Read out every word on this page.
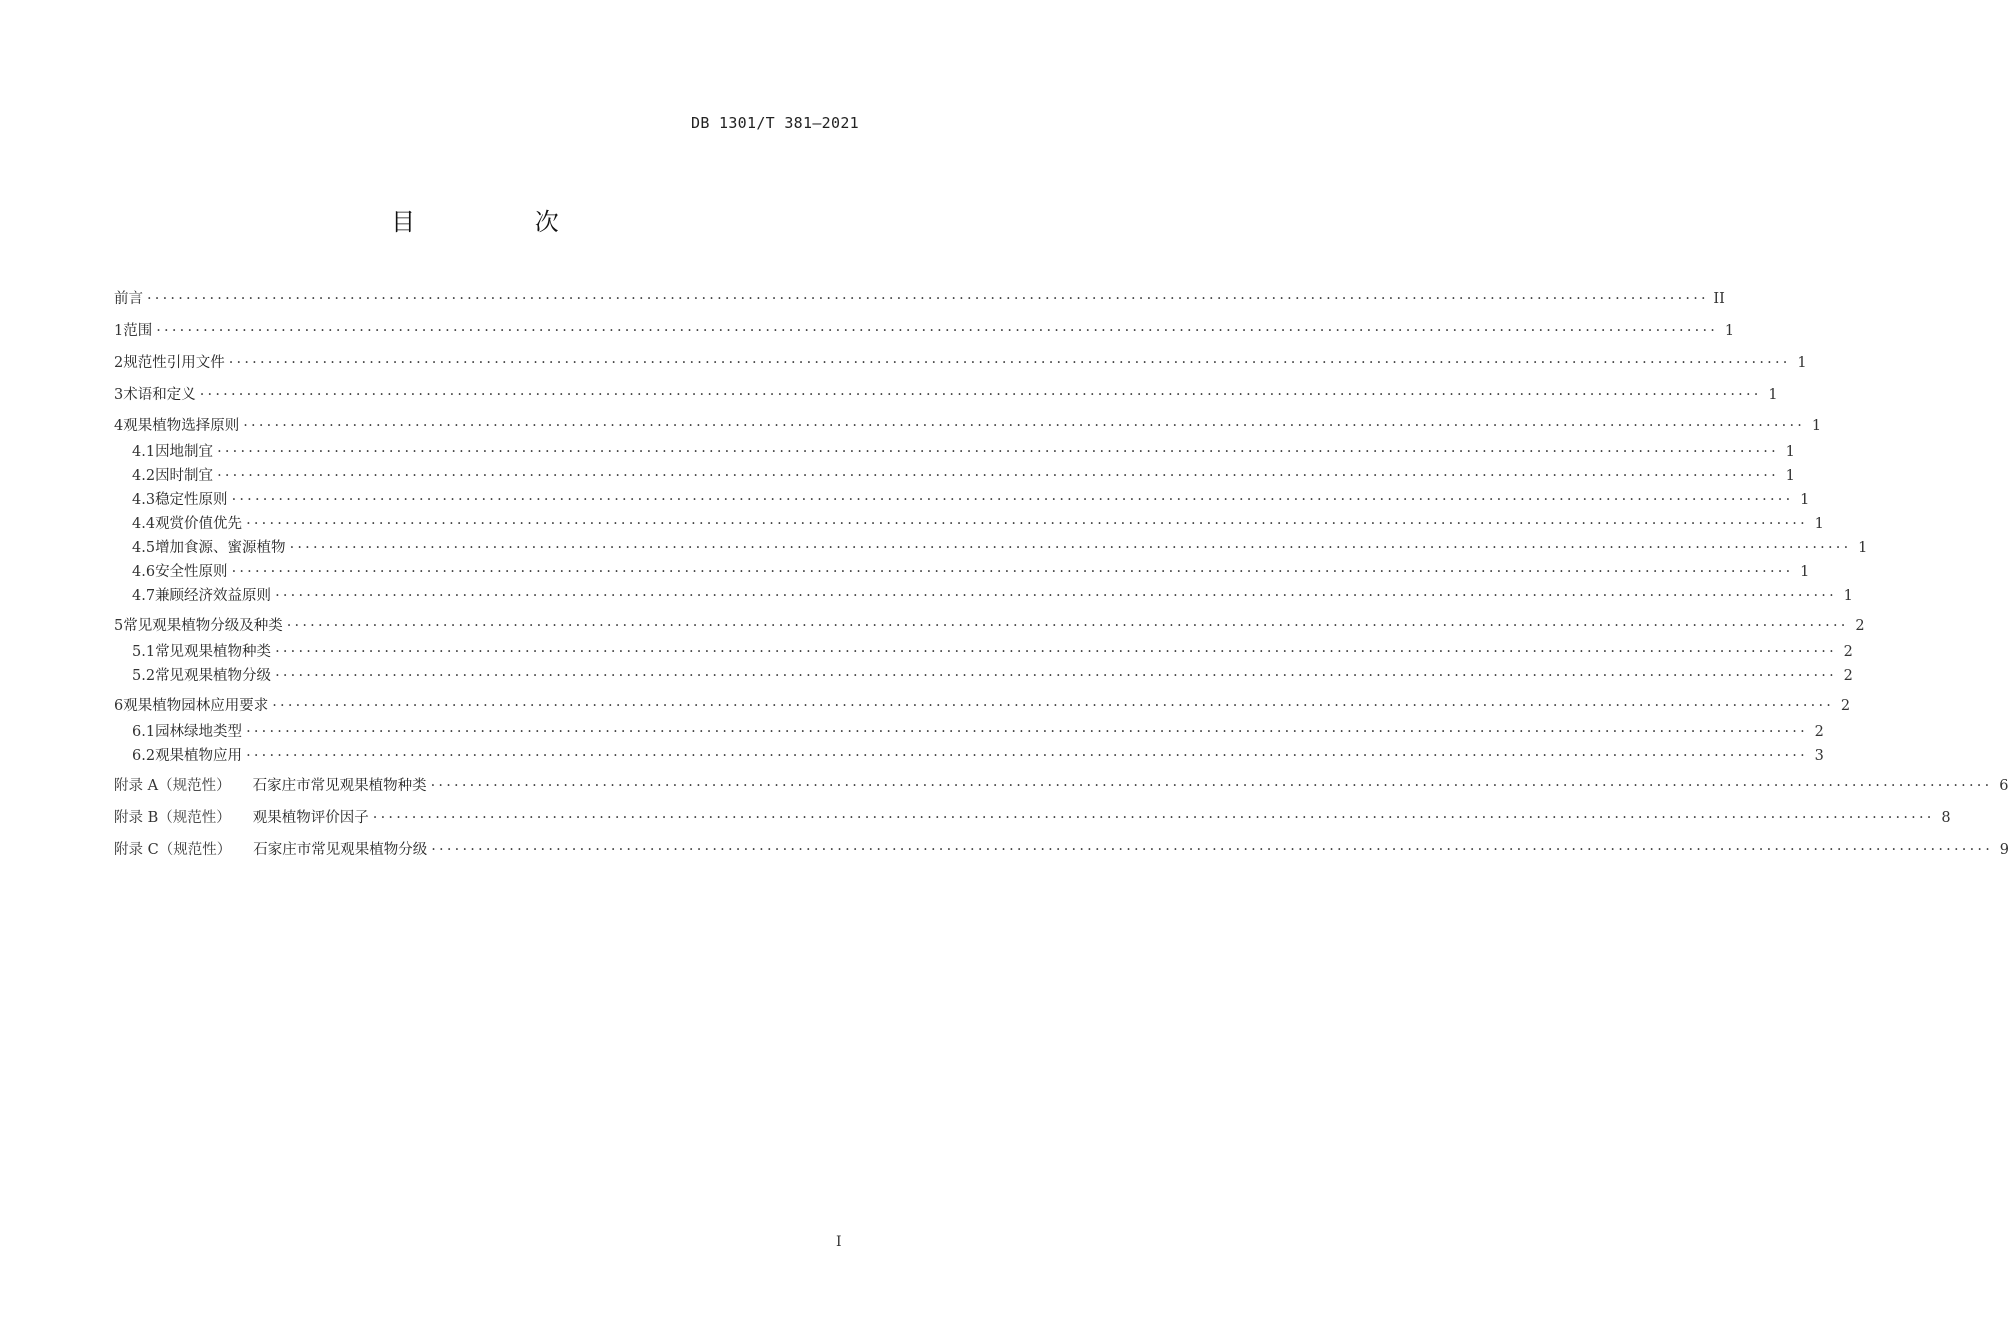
DB 1301/T 381—2021
目 次
前言 ········································································································································································································ II
1 范围 ········································································································································································································ 1
2 规范性引用文件 ········································································································································································································ 1
3 术语和定义 ········································································································································································································ 1
4 观果植物选择原则 ········································································································································································································ 1
4.1 因地制宜 ········································································································································································································ 1
4.2 因时制宜 ········································································································································································································ 1
4.3 稳定性原则 ········································································································································································································ 1
4.4 观赏价值优先 ········································································································································································································ 1
4.5 增加食源、蜜源植物 ········································································································································································································ 1
4.6 安全性原则 ········································································································································································································ 1
4.7 兼顾经济效益原则 ········································································································································································································ 1
5 常见观果植物分级及种类 ········································································································································································································ 2
5.1 常见观果植物种类 ········································································································································································································ 2
5.2 常见观果植物分级 ········································································································································································································ 2
6 观果植物园林应用要求 ········································································································································································································ 2
6.1 园林绿地类型 ········································································································································································································ 2
6.2 观果植物应用 ········································································································································································································ 3
附录 A（规范性） 石家庄市常见观果植物种类 ········································································································································································································ 6
附录 B（规范性） 观果植物评价因子 ········································································································································································································ 8
附录 C（规范性） 石家庄市常见观果植物分级 ········································································································································································································ 9
I
